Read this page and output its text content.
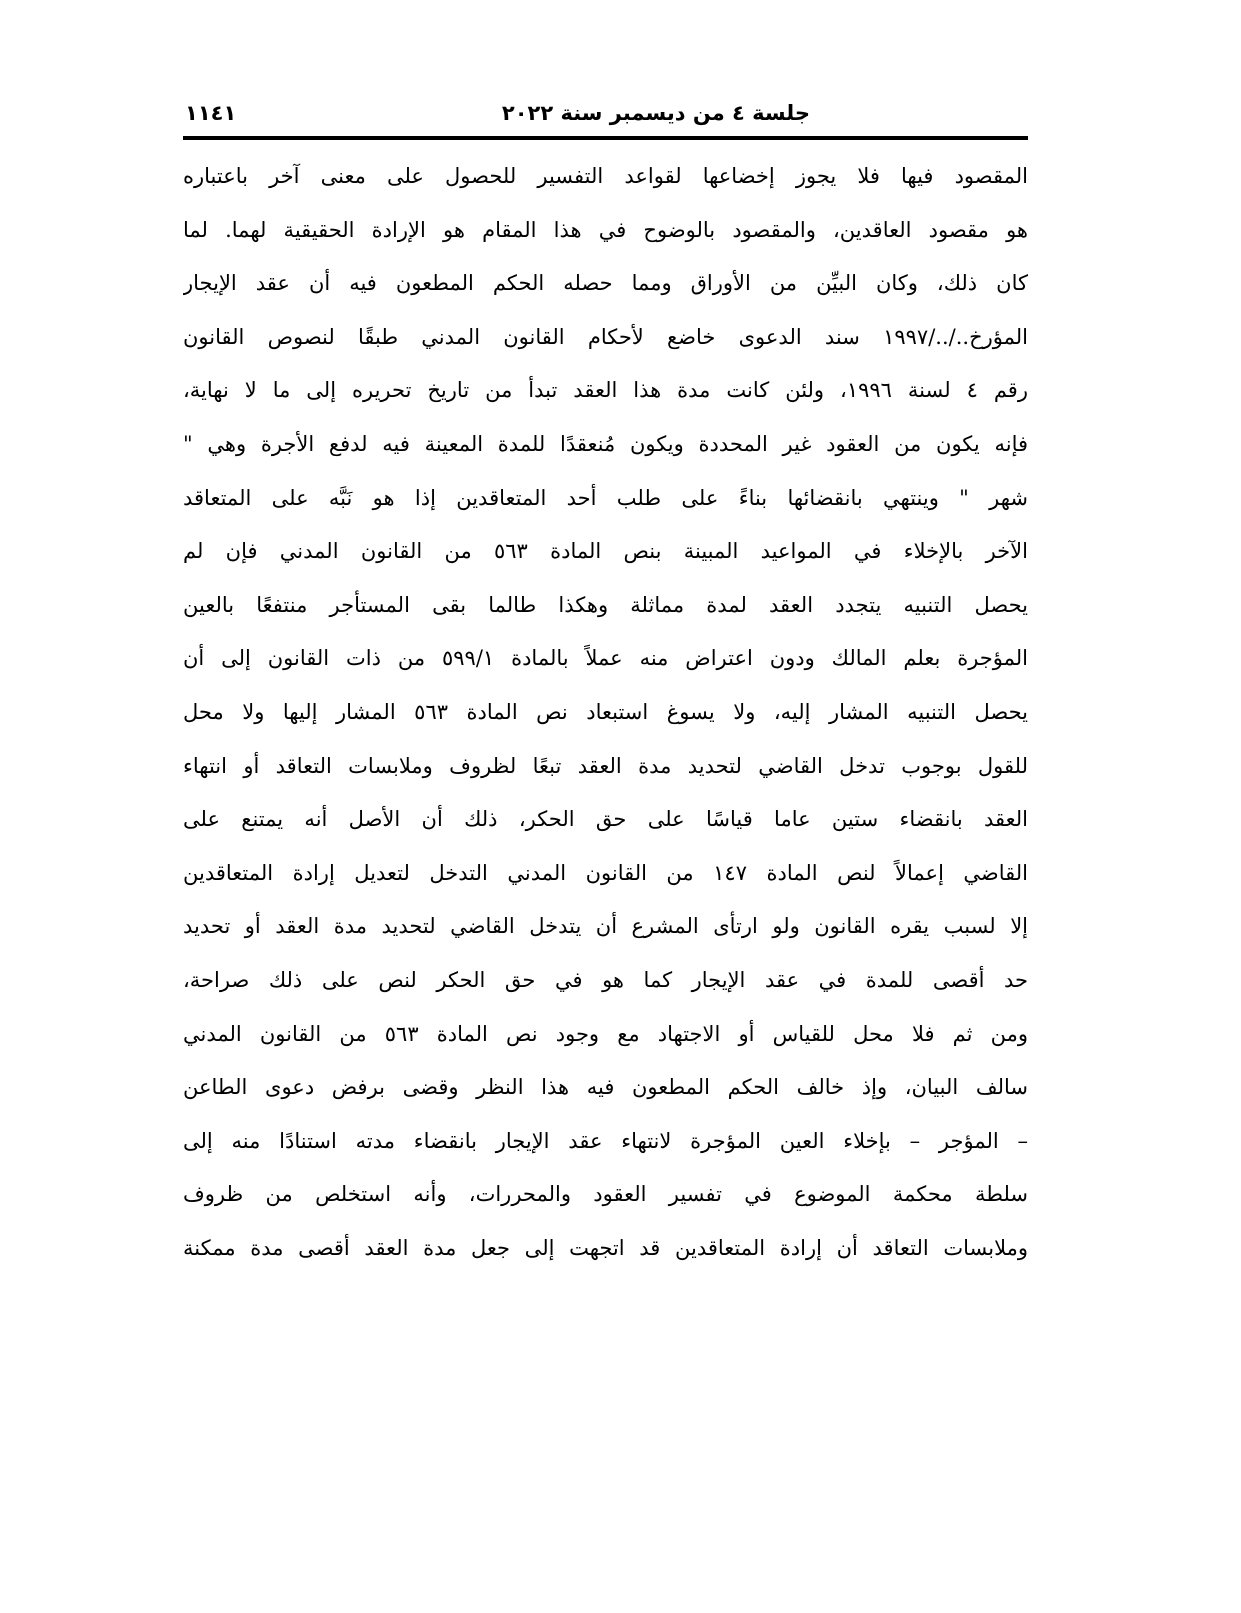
جلسة ٤ من ديسمبر سنة ٢٠٢٢
١١٤١
المقصود فيها فلا يجوز إخضاعها لقواعد التفسير للحصول على معنى آخر باعتباره
هو مقصود العاقدين، والمقصود بالوضوح في هذا المقام هو الإرادة الحقيقية لهما. لما
كان ذلك، وكان البيِّن من الأوراق ومما حصله الحكم المطعون فيه أن عقد الإيجار
المؤرخ../../١٩٩٧ سند الدعوى خاضع لأحكام القانون المدني طبقًا لنصوص القانون
رقم ٤ لسنة ١٩٩٦، ولئن كانت مدة هذا العقد تبدأ من تاريخ تحريره إلى ما لا نهاية،
فإنه يكون من العقود غير المحددة ويكون مُنعقدًا للمدة المعينة فيه لدفع الأجرة وهي "
شهر " وينتهي بانقضائها بناءً على طلب أحد المتعاقدين إذا هو نَبَّه على المتعاقد
الآخر بالإخلاء في المواعيد المبينة بنص المادة ٥٦٣ من القانون المدني فإن لم
يحصل التنبيه يتجدد العقد لمدة مماثلة وهكذا طالما بقى المستأجر منتفعًا بالعين
المؤجرة بعلم المالك ودون اعتراض منه عملاً بالمادة ٥٩٩/١ من ذات القانون إلى أن
يحصل التنبيه المشار إليه، ولا يسوغ استبعاد نص المادة ٥٦٣ المشار إليها ولا محل
للقول بوجوب تدخل القاضي لتحديد مدة العقد تبعًا لظروف وملابسات التعاقد أو انتهاء
العقد بانقضاء ستين عاما قياسًا على حق الحكر، ذلك أن الأصل أنه يمتنع على
القاضي إعمالاً لنص المادة ١٤٧ من القانون المدني التدخل لتعديل إرادة المتعاقدين
إلا لسبب يقره القانون ولو ارتأى المشرع أن يتدخل القاضي لتحديد مدة العقد أو تحديد
حد أقصى للمدة في عقد الإيجار كما هو في حق الحكر لنص على ذلك صراحة،
ومن ثم فلا محل للقياس أو الاجتهاد مع وجود نص المادة ٥٦٣ من القانون المدني
سالف البيان، وإذ خالف الحكم المطعون فيه هذا النظر وقضى برفض دعوى الطاعن
– المؤجر – بإخلاء العين المؤجرة لانتهاء عقد الإيجار بانقضاء مدته استنادًا منه إلى
سلطة محكمة الموضوع في تفسير العقود والمحررات، وأنه استخلص من ظروف
وملابسات التعاقد أن إرادة المتعاقدين قد اتجهت إلى جعل مدة العقد أقصى مدة ممكنة
